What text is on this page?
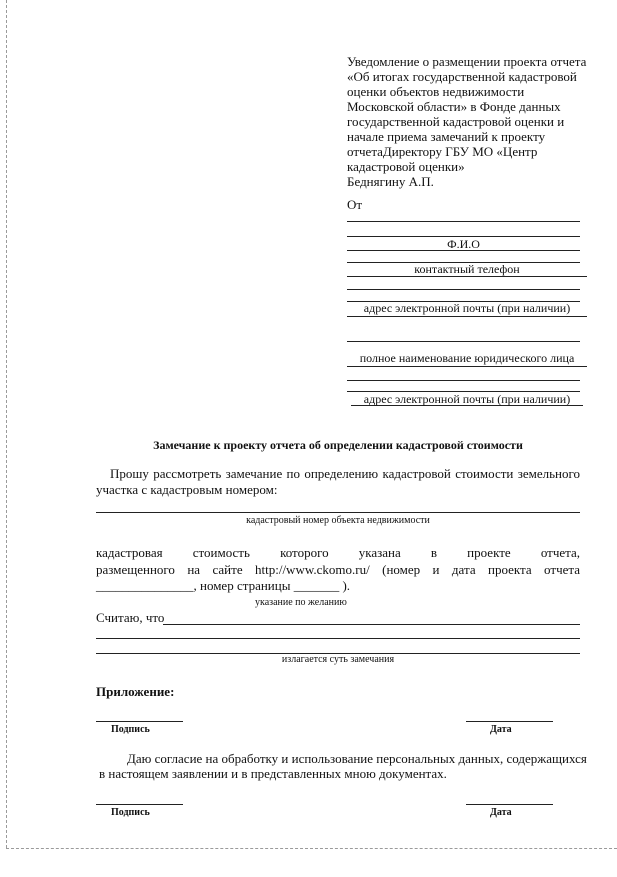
Уведомление о размещении проекта отчета
«Об итогах государственной кадастровой
оценки объектов недвижимости
Московской области» в Фонде данных
государственной кадастровой оценки и
начале приема замечаний к проекту
отчетаДиректору ГБУ МО «Центр
кадастровой оценки»
Беднягину А.П.
От
Ф.И.О
контактный телефон
адрес электронной почты (при наличии)
полное наименование юридического лица
адрес электронной почты (при наличии)
Замечание к проекту отчета об определении кадастровой стоимости
Прошу рассмотреть замечание по определению кадастровой стоимости земельного
участка с кадастровым номером:
кадастровый номер объекта недвижимости
кадастровая стоимость которого указана в проекте отчета,
размещенного на сайте http://www.ckomo.ru/ (номер и дата проекта отчета
_______________, номер страницы _______ ).
указание по желанию
Считаю, что
излагается суть замечания
Приложение:
Подпись	Дата
Даю согласие на обработку и использование персональных данных, содержащихся
в настоящем заявлении и в представленных мною документах.
Подпись	Дата
